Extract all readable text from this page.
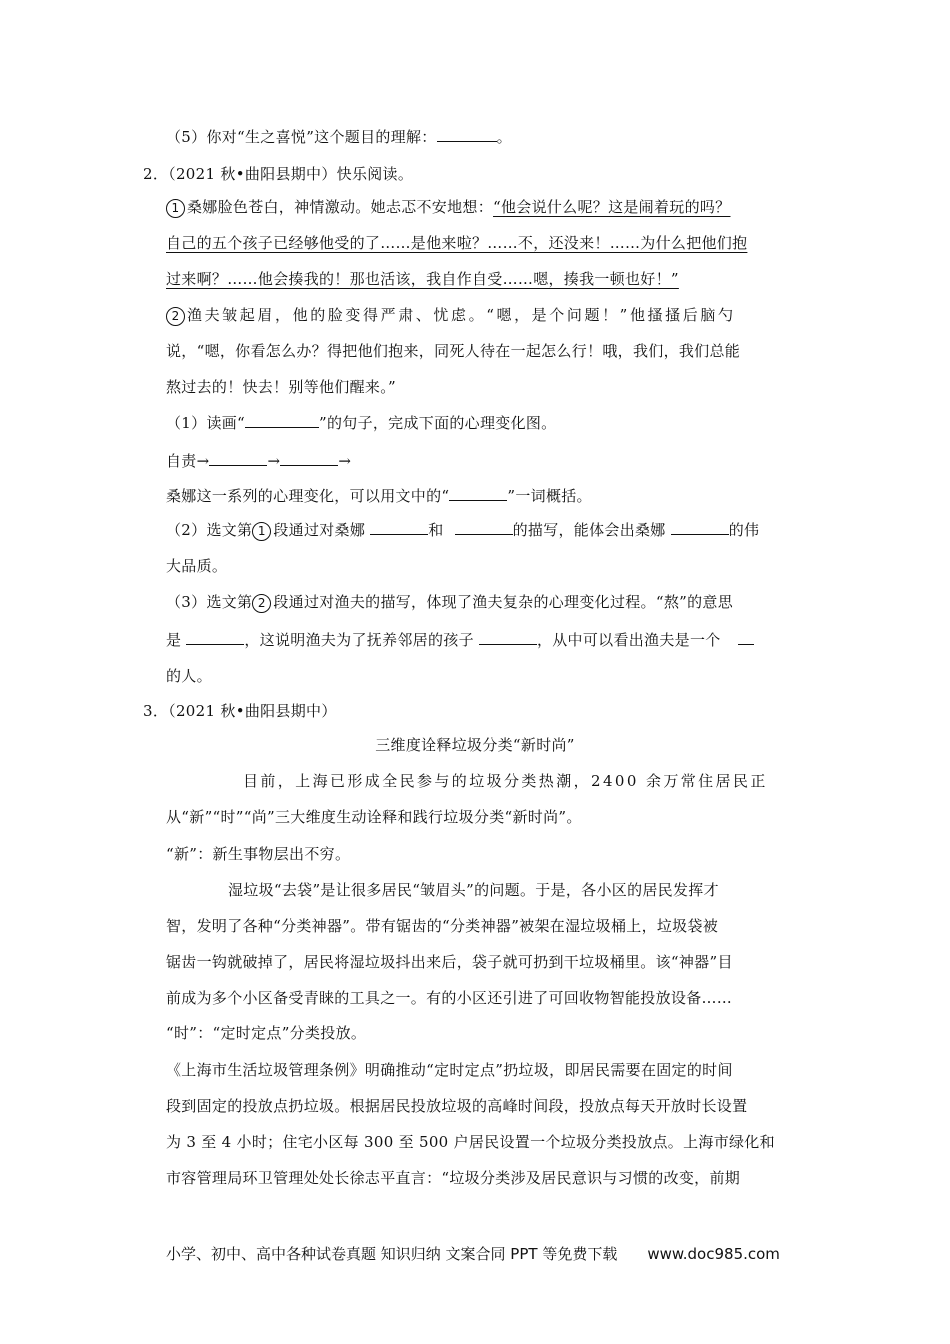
（5）你对“生之喜悦”这个题目的理解：	。
2．（2021 秋•曲阳县期中）快乐阅读。
1 桑娜脸色苍白，神情激动。她忐忑不安地想：“他会说什么呢？这是闹着玩的吗？
自己的五个孩子已经够他受的了……是他来啦？……不，还没来！……为什么把他们抱
过来啊？……他会揍我的！那也活该，我自作自受……嗯，揍我一顿也好！”
2 渔夫皱起眉，他的脸变得严肃、忧虑。“嗯，是个问题！”他搔搔后脑勺
说，“嗯，你看怎么办？得把他们抱来，同死人待在一起怎么行！哦，我们，我们总能
熬过去的！快去！别等他们醒来。”
（1）读画“	”的句子，完成下面的心理变化图。
自责→	→	→
桑娜这一系列的心理变化，可以用文中的“	”一词概括。
（2）选文第 1 段通过对桑娜	和	的描写，能体会出桑娜	的伟
大品质。
（3）选文第 2 段通过对渔夫的描写，体现了渔夫复杂的心理变化过程。“熬”的意思
是	，这说明渔夫为了抚养邻居的孩子	，从中可以看出渔夫是一个
的人。
3．（2021 秋•曲阳县期中）
三维度诠释垃圾分类“新时尚”
目前，上海已形成全民参与的垃圾分类热潮，2400 余万常住居民正
从“新”“时”“尚”三大维度生动诠释和践行垃圾分类“新时尚”。
“新”：新生事物层出不穷。
湿垃圾“去袋”是让很多居民“皱眉头”的问题。于是，各小区的居民发挥才
智，发明了各种“分类神器”。带有锯齿的“分类神器”被架在湿垃圾桶上，垃圾袋被
锯齿一钩就破掉了，居民将湿垃圾抖出来后，袋子就可扔到干垃圾桶里。该“神器”目
前成为多个小区备受青睐的工具之一。有的小区还引进了可回收物智能投放设备……
“时”：“定时定点”分类投放。
《上海市生活垃圾管理条例》明确推动“定时定点”扔垃圾，即居民需要在固定的时间
段到固定的投放点扔垃圾。根据居民投放垃圾的高峰时间段，投放点每天开放时长设置
为 3 至 4 小时；住宅小区每 300 至 500 户居民设置一个垃圾分类投放点。上海市绿化和
市容管理局环卫管理处处长徐志平直言：“垃圾分类涉及居民意识与习惯的改变，前期
小学、初中、高中各种试卷真题 知识归纳 文案合同 PPT 等免费下载 www.doc985.com
